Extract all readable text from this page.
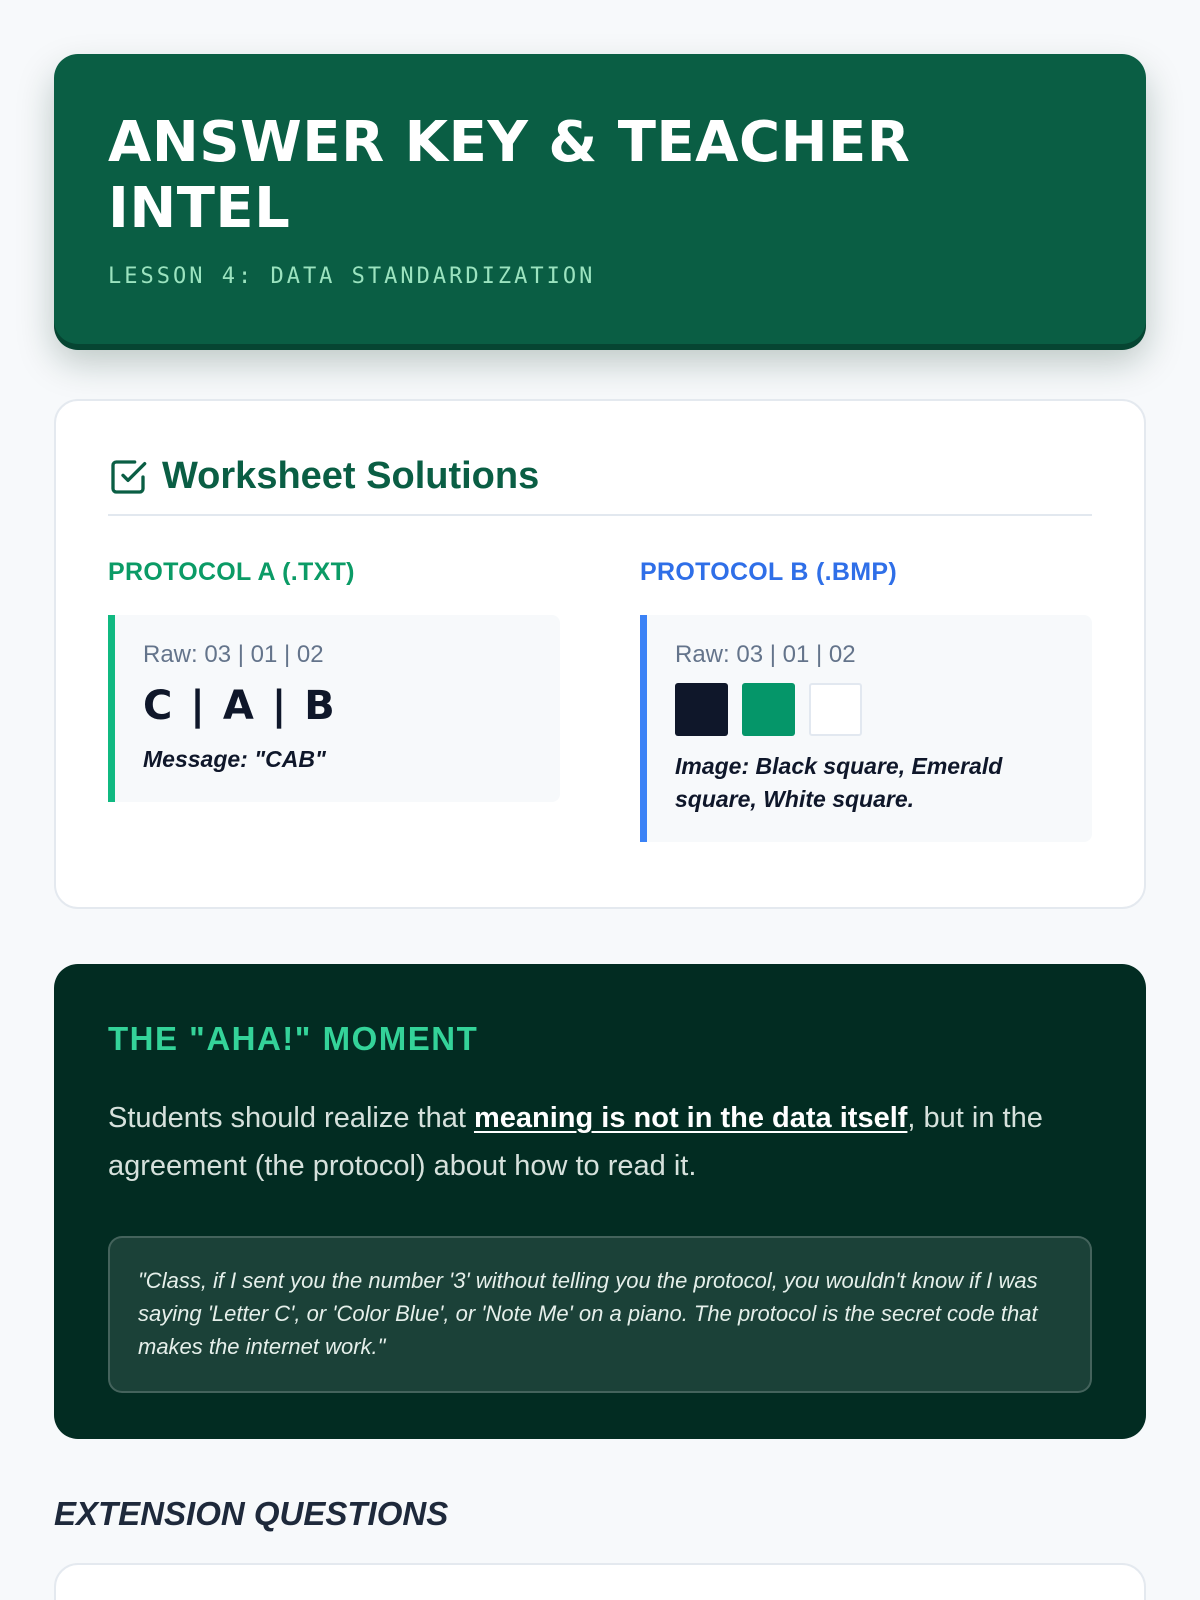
ANSWER KEY & TEACHER INTEL
LESSON 4: DATA STANDARDIZATION
Worksheet Solutions
PROTOCOL A (.TXT)
Raw: 03 | 01 | 02
C | A | B
Message: "CAB"
PROTOCOL B (.BMP)
Raw: 03 | 01 | 02
Image: Black square, Emerald square, White square.
THE "AHA!" MOMENT

Students should realize that meaning is not in the data itself, but in the agreement (the protocol) about how to read it.

"Class, if I sent you the number '3' without telling you the protocol, you wouldn't know if I was saying 'Letter C', or 'Color Blue', or 'Note Me' on a piano. The protocol is the secret code that makes the internet work."
EXTENSION QUESTIONS
